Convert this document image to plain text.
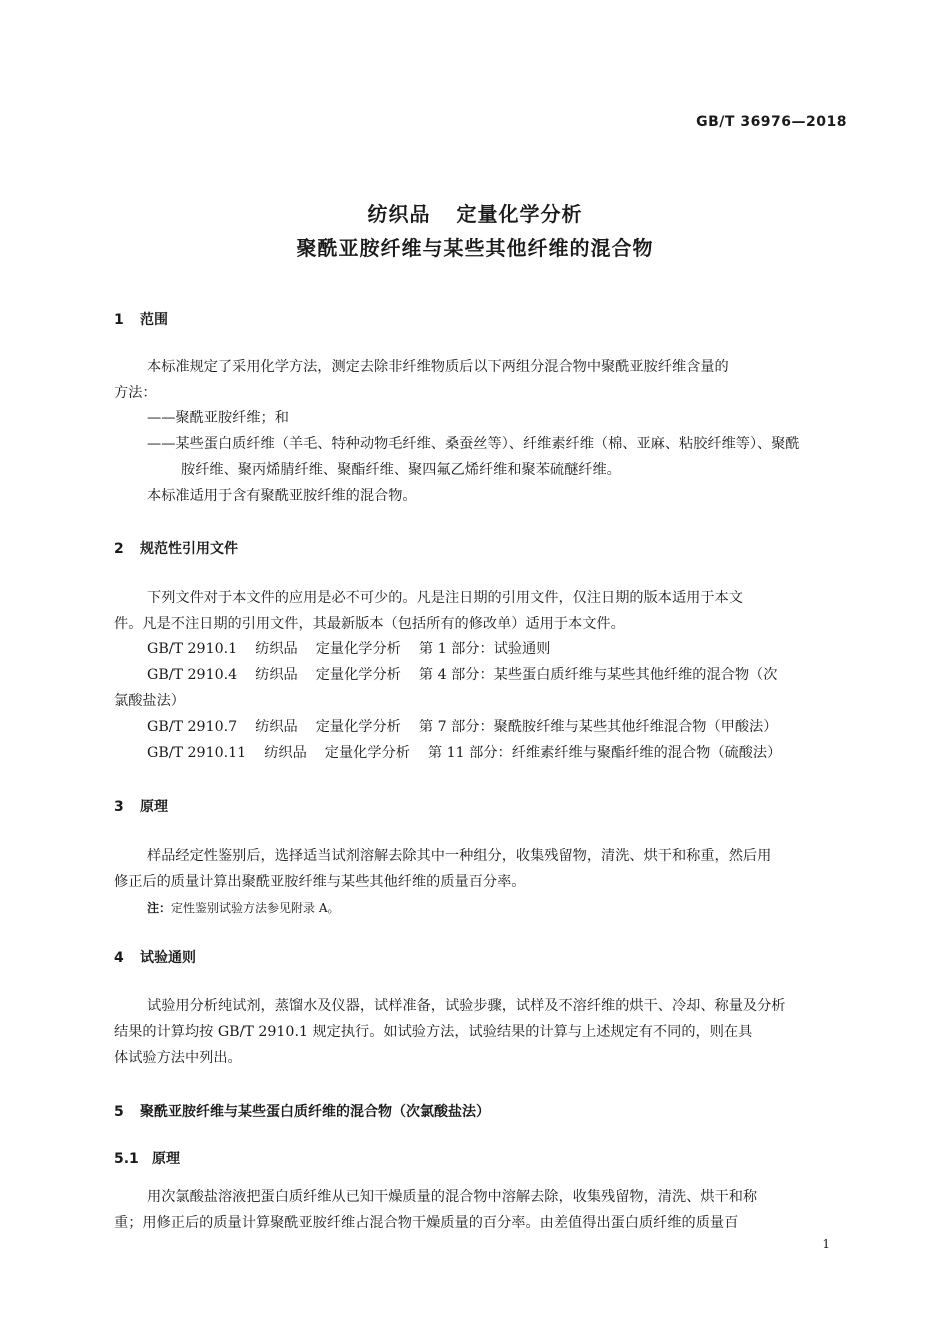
GB/T 36976—2018
纺织品 定量化学分析
聚酰亚胺纤维与某些其他纤维的混合物
1 范围
本标准规定了采用化学方法，测定去除非纤维物质后以下两组分混合物中聚酰亚胺纤维含量的
方法：
——聚酰亚胺纤维；和
——某些蛋白质纤维（羊毛、特种动物毛纤维、桑蚕丝等）、纤维素纤维（棉、亚麻、粘胶纤维等）、聚酰
胺纤维、聚丙烯腈纤维、聚酯纤维、聚四氟乙烯纤维和聚苯硫醚纤维。
本标准适用于含有聚酰亚胺纤维的混合物。
2 规范性引用文件
下列文件对于本文件的应用是必不可少的。凡是注日期的引用文件，仅注日期的版本适用于本文
件。凡是不注日期的引用文件，其最新版本（包括所有的修改单）适用于本文件。
GB/T 2910.1 纺织品 定量化学分析 第 1 部分：试验通则
GB/T 2910.4 纺织品 定量化学分析 第 4 部分：某些蛋白质纤维与某些其他纤维的混合物（次
氯酸盐法）
GB/T 2910.7 纺织品 定量化学分析 第 7 部分：聚酰胺纤维与某些其他纤维混合物（甲酸法）
GB/T 2910.11 纺织品 定量化学分析 第 11 部分：纤维素纤维与聚酯纤维的混合物（硫酸法）
3 原理
样品经定性鉴别后，选择适当试剂溶解去除其中一种组分，收集残留物，清洗、烘干和称重，然后用
修正后的质量计算出聚酰亚胺纤维与某些其他纤维的质量百分率。
注：定性鉴别试验方法参见附录 A。
4 试验通则
试验用分析纯试剂，蒸馏水及仪器，试样准备，试验步骤，试样及不溶纤维的烘干、冷却、称量及分析
结果的计算均按 GB/T 2910.1 规定执行。如试验方法，试验结果的计算与上述规定有不同的，则在具
体试验方法中列出。
5 聚酰亚胺纤维与某些蛋白质纤维的混合物（次氯酸盐法）
5.1 原理
用次氯酸盐溶液把蛋白质纤维从已知干燥质量的混合物中溶解去除，收集残留物，清洗、烘干和称
重；用修正后的质量计算聚酰亚胺纤维占混合物干燥质量的百分率。由差值得出蛋白质纤维的质量百
1
